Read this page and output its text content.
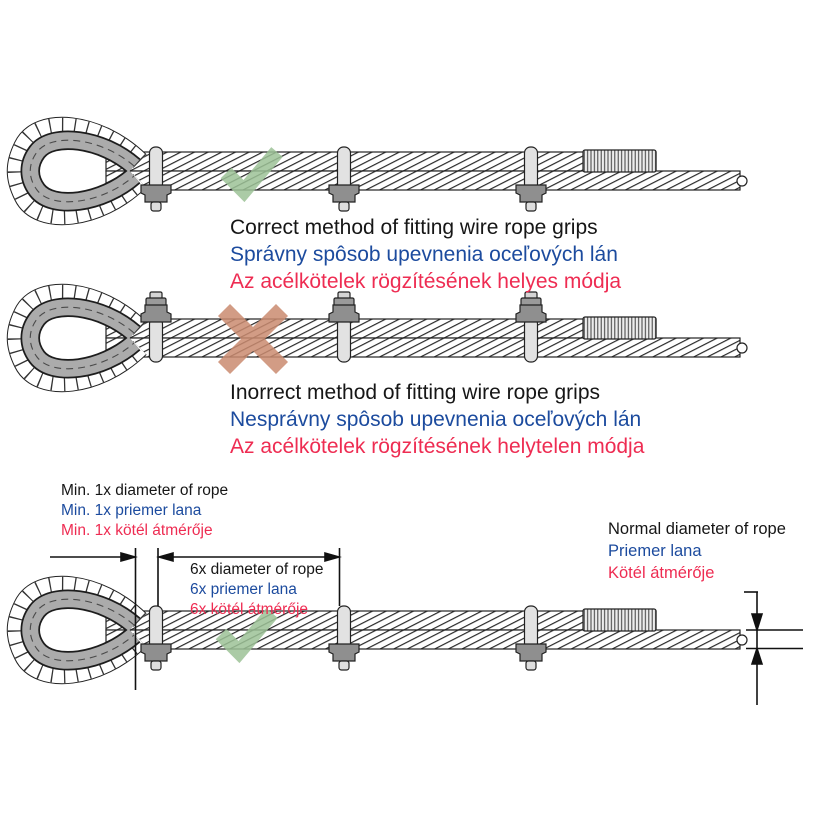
Correct method of fitting wire rope grips
Správny spôsob upevnenia oceľových lán
Az acélkötelek rögzítésének helyes módja
Inorrect method of fitting wire rope grips
Nesprávny spôsob upevnenia oceľových lán
Az acélkötelek rögzítésének helytelen módja
Min. 1x diameter of rope
Min. 1x priemer lana
Min. 1x kötél átmérője
6x diameter of rope
6x priemer lana
6x kötél átmérője
Normal diameter of rope
Priemer lana
Kötél átmérője
